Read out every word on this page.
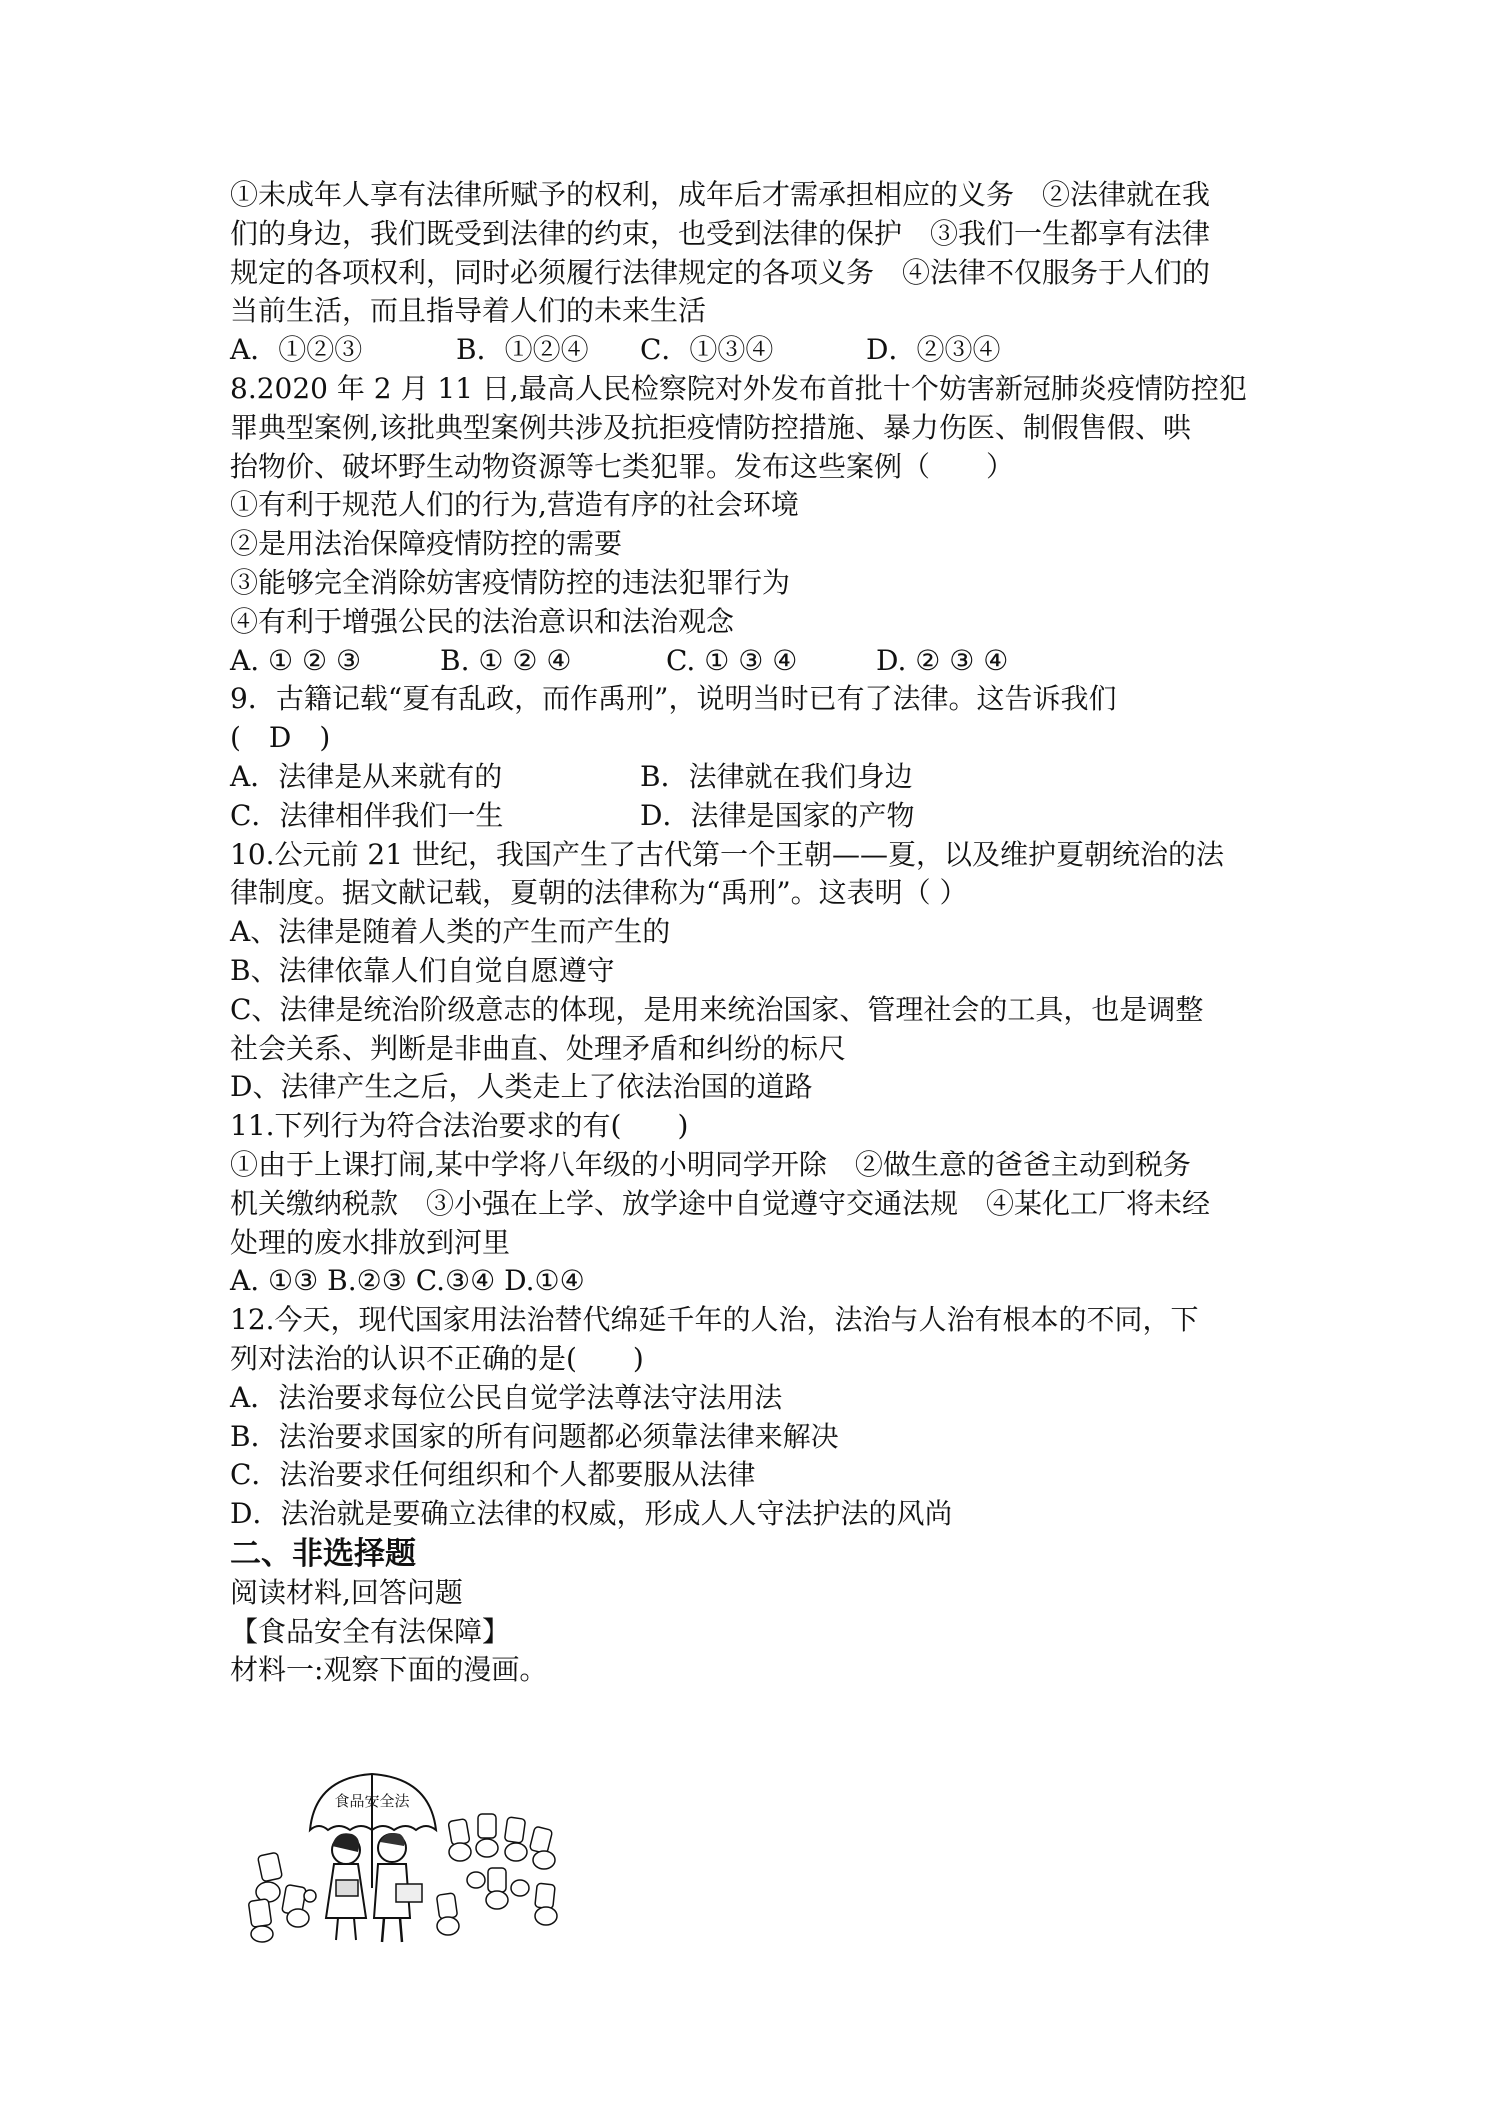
①未成年人享有法律所赋予的权利，成年后才需承担相应的义务　②法律就在我

们的身边，我们既受到法律的约束，也受到法律的保护　③我们一生都享有法律

规定的各项权利，同时必须履行法律规定的各项义务　④法律不仅服务于人们的

当前生活，而且指导着人们的未来生活

A．①②③	B．①②④	C．①③④	D．②③④

8.2020 年 2 月 11 日,最高人民检察院对外发布首批十个妨害新冠肺炎疫情防控犯

罪典型案例,该批典型案例共涉及抗拒疫情防控措施、暴力伤医、制假售假、哄

抬物价、破坏野生动物资源等七类犯罪。发布这些案例（　　）

①有利于规范人们的行为,营造有序的社会环境

②是用法治保障疫情防控的需要

③能够完全消除妨害疫情防控的违法犯罪行为

④有利于增强公民的法治意识和法治观念

A. ① ② ③	B. ① ② ④	C. ① ③ ④	D. ② ③ ④

9．古籍记载“夏有乱政，而作禹刑”，说明当时已有了法律。这告诉我们

(　D　)

A．法律是从来就有的	B．法律就在我们身边
C．法律相伴我们一生	D．法律是国家的产物

10.公元前 21 世纪，我国产生了古代第一个王朝——夏，以及维护夏朝统治的法

律制度。据文献记载，夏朝的法律称为“禹刑”。这表明（ ）

A、法律是随着人类的产生而产生的

B、法律依靠人们自觉自愿遵守

C、法律是统治阶级意志的体现，是用来统治国家、管理社会的工具，也是调整

社会关系、判断是非曲直、处理矛盾和纠纷的标尺

D、法律产生之后，人类走上了依法治国的道路

11.下列行为符合法治要求的有(　　)

①由于上课打闹,某中学将八年级的小明同学开除　②做生意的爸爸主动到税务

机关缴纳税款　③小强在上学、放学途中自觉遵守交通法规　④某化工厂将未经

处理的废水排放到河里

A. ①③ B.②③ C.③④ D.①④

12.今天，现代国家用法治替代绵延千年的人治，法治与人治有根本的不同，下

列对法治的认识不正确的是(　　)

A．法治要求每位公民自觉学法尊法守法用法

B．法治要求国家的所有问题都必须靠法律来解决

C．法治要求任何组织和个人都要服从法律

D．法治就是要确立法律的权威，形成人人守法护法的风尚

二、非选择题

阅读材料,回答问题

【食品安全有法保障】

材料一:观察下面的漫画。

食品安全法
